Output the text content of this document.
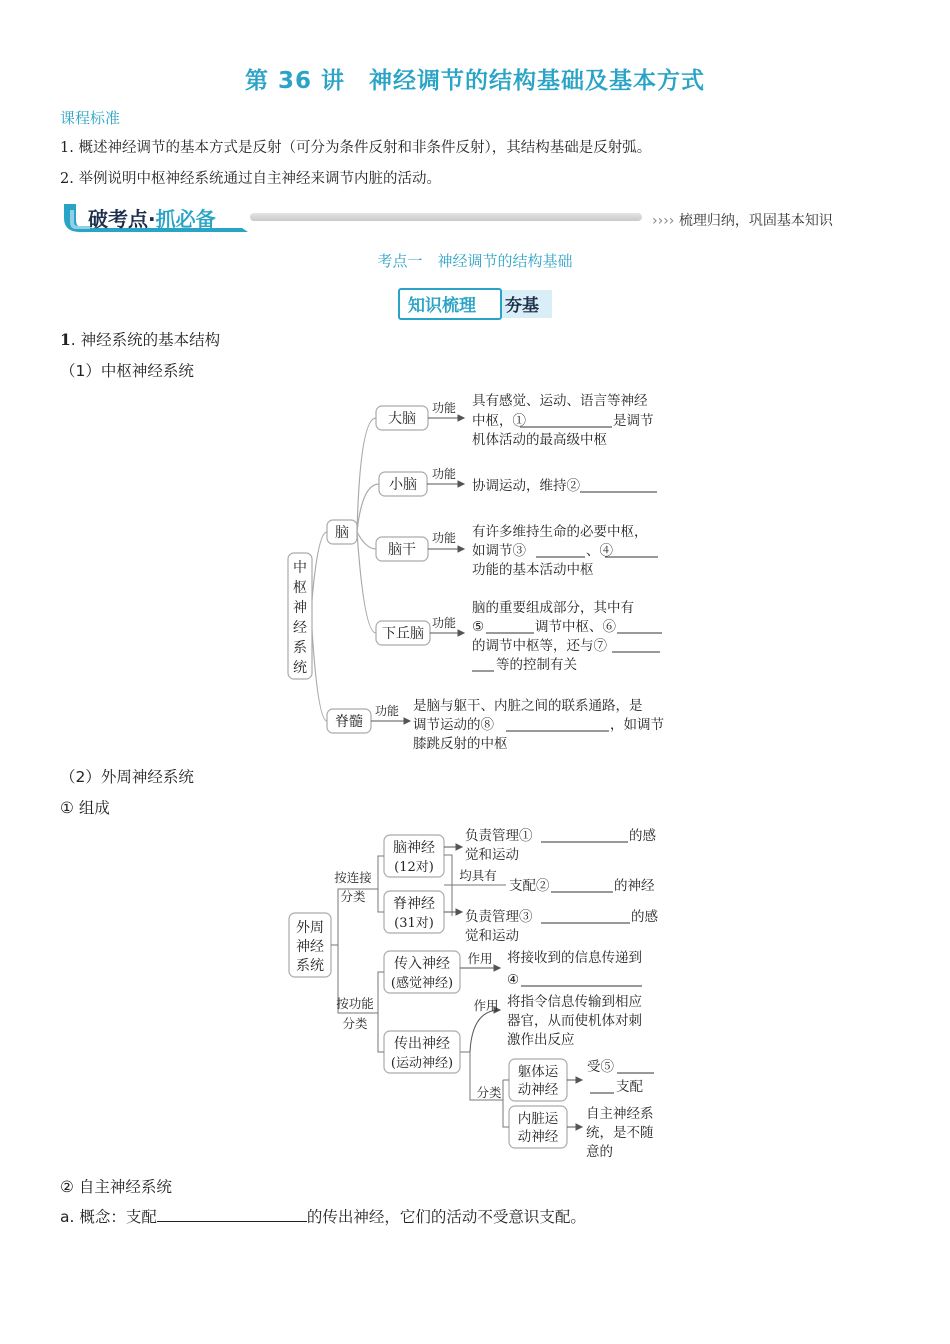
第 36 讲　神经调节的结构基础及基本方式
课程标准
1. 概述神经调节的基本方式是反射（可分为条件反射和非条件反射），其结构基础是反射弧。
2. 举例说明中枢神经系统通过自主神经来调节内脏的活动。
破考点·抓必备	›››› 梳理归纳，巩固基本知识
考点一　神经调节的结构基础
知识梳理 夯基
1. 神经系统的基本结构
（1）中枢神经系统
中
枢
神
经
系
统
脑
脊髓
大脑
小脑
脑干
下丘脑
功能
功能
功能
功能
功能
具有感觉、运动、语言等神经
中枢，①	是调节
机体活动的最高级中枢
协调运动，维持②
有许多维持生命的必要中枢，
如调节③	、④
功能的基本活动中枢
脑的重要组成部分，其中有
⑤	调节中枢、⑥
的调节中枢等，还与⑦
等的控制有关
是脑与躯干、内脏之间的联系通路，是
调节运动的⑧	，如调节
膝跳反射的中枢
（2）外周神经系统
① 组成
外周
神经
系统
脑神经
(12对)
脊神经
(31对)
传入神经
(感觉神经)
传出神经
(运动神经)
躯体运
动神经
内脏运
动神经
按连接
分类
按功能
分类
均具有
作用
作用
分类
负责管理①	的感
觉和运动
支配②	的神经
负责管理③	的感
觉和运动
将接收到的信息传递到
④
将指令信息传输到相应
器官，从而使机体对刺
激作出反应
受⑤
支配
自主神经系
统，是不随
意的
② 自主神经系统
a. 概念：支配	的传出神经，它们的活动不受意识支配。
